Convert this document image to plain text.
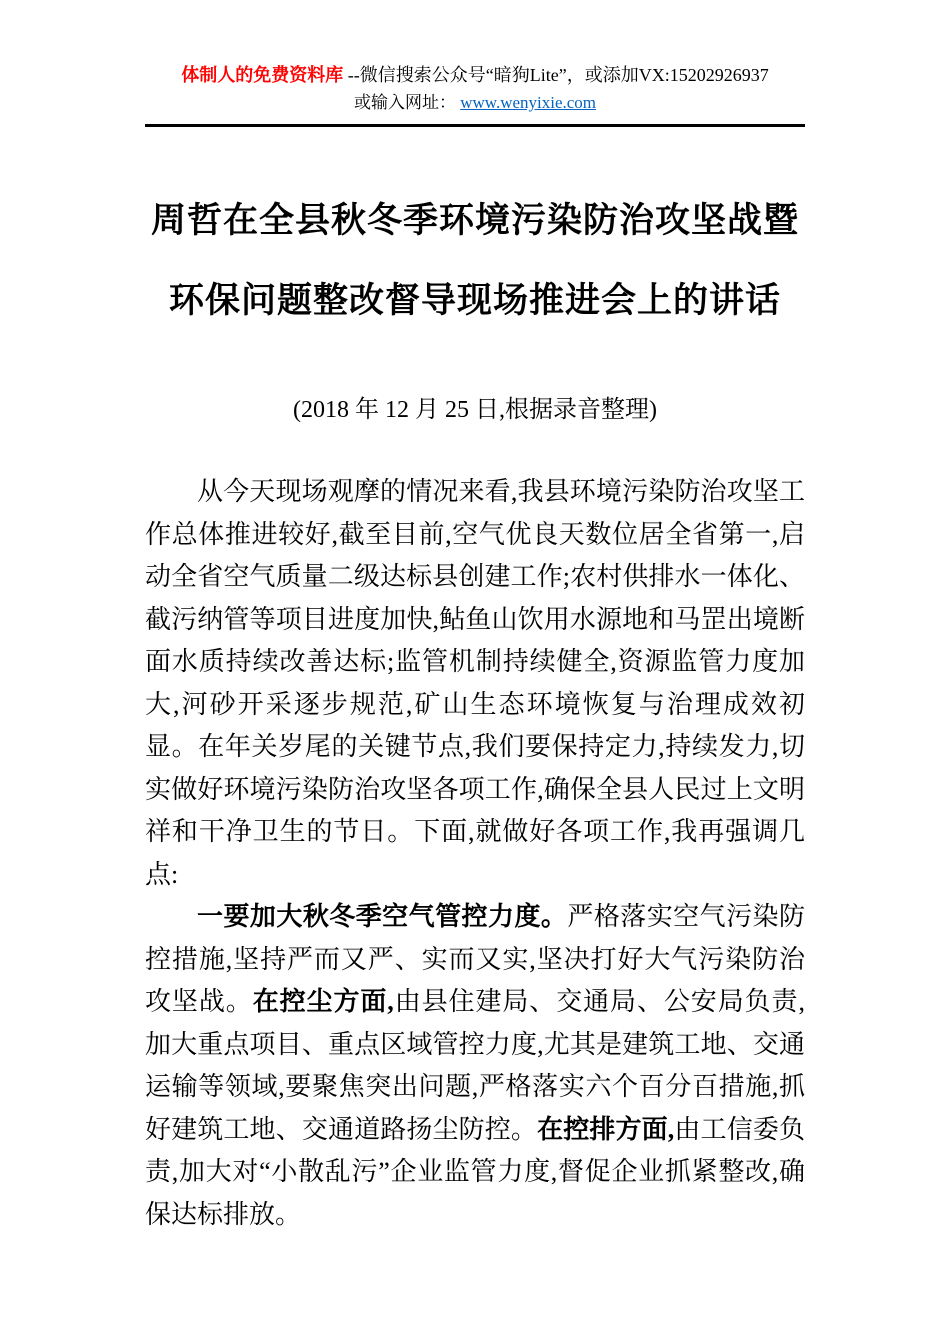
体制人的免费资料库 --微信搜索公众号“暗狗Lite”，或添加VX:15202926937
或输入网址： www.wenyixie.com
周哲在全县秋冬季环境污染防治攻坚战暨
环保问题整改督导现场推进会上的讲话
(2018 年 12 月 25 日,根据录音整理)

从今天现场观摩的情况来看,我县环境污染防治攻坚工作总体推进较好,截至目前,空气优良天数位居全省第一,启动全省空气质量二级达标县创建工作;农村供排水一体化、截污纳管等项目进度加快,鲇鱼山饮用水源地和马罡出境断面水质持续改善达标;监管机制持续健全,资源监管力度加大,河砂开采逐步规范,矿山生态环境恢复与治理成效初显。在年关岁尾的关键节点,我们要保持定力,持续发力,切实做好环境污染防治攻坚各项工作,确保全县人民过上文明祥和干净卫生的节日。下面,就做好各项工作,我再强调几点:

一要加大秋冬季空气管控力度。严格落实空气污染防控措施,坚持严而又严、实而又实,坚决打好大气污染防治攻坚战。在控尘方面,由县住建局、交通局、公安局负责,加大重点项目、重点区域管控力度,尤其是建筑工地、交通运输等领域,要聚焦突出问题,严格落实六个百分百措施,抓好建筑工地、交通道路扬尘防控。在控排方面,由工信委负责,加大对“小散乱污”企业监管力度,督促企业抓紧整改,确保达标排放。
